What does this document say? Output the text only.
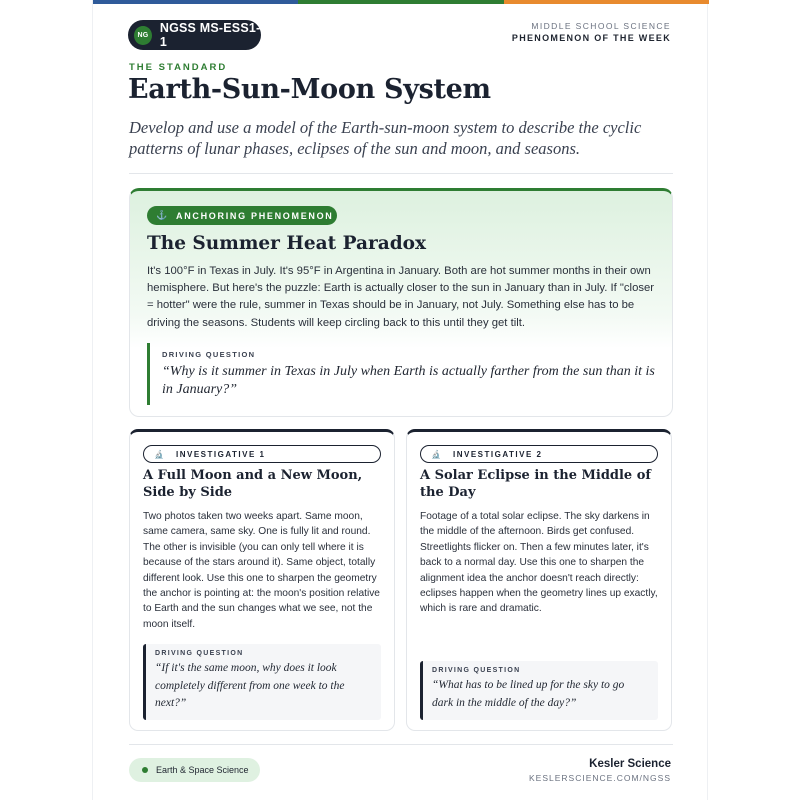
NG NGSS MS-ESS1-1
MIDDLE SCHOOL SCIENCE
PHENOMENON OF THE WEEK
THE STANDARD
Earth-Sun-Moon System

Develop and use a model of the Earth-sun-moon system to describe the cyclic patterns of lunar phases, eclipses of the sun and moon, and seasons.

⚓ ANCHORING PHENOMENON
The Summer Heat Paradox

It's 100°F in Texas in July. It's 95°F in Argentina in January. Both are hot summer months in their own hemisphere. But here's the puzzle: Earth is actually closer to the sun in January than in July. If "closer = hotter" were the rule, summer in Texas should be in January, not July. Something else has to be driving the seasons. Students will keep circling back to this until they get tilt.

DRIVING QUESTION
“Why is it summer in Texas in July when Earth is actually farther from the sun than it is in January?”
🔬 INVESTIGATIVE 1
A Full Moon and a New Moon, Side by Side

Two photos taken two weeks apart. Same moon, same camera, same sky. One is fully lit and round. The other is invisible (you can only tell where it is because of the stars around it). Same object, totally different look. Use this one to sharpen the geometry the anchor is pointing at: the moon's position relative to Earth and the sun changes what we see, not the moon itself.

DRIVING QUESTION
“If it's the same moon, why does it look completely different from one week to the next?”
🔬 INVESTIGATIVE 2
A Solar Eclipse in the Middle of the Day

Footage of a total solar eclipse. The sky darkens in the middle of the afternoon. Birds get confused. Streetlights flicker on. Then a few minutes later, it's back to a normal day. Use this one to sharpen the alignment idea the anchor doesn't reach directly: eclipses happen when the geometry lines up exactly, which is rare and dramatic.

DRIVING QUESTION
“What has to be lined up for the sky to go dark in the middle of the day?”
Earth & Space Science	Kesler Science
KESLERSCIENCE.COM/NGSS
